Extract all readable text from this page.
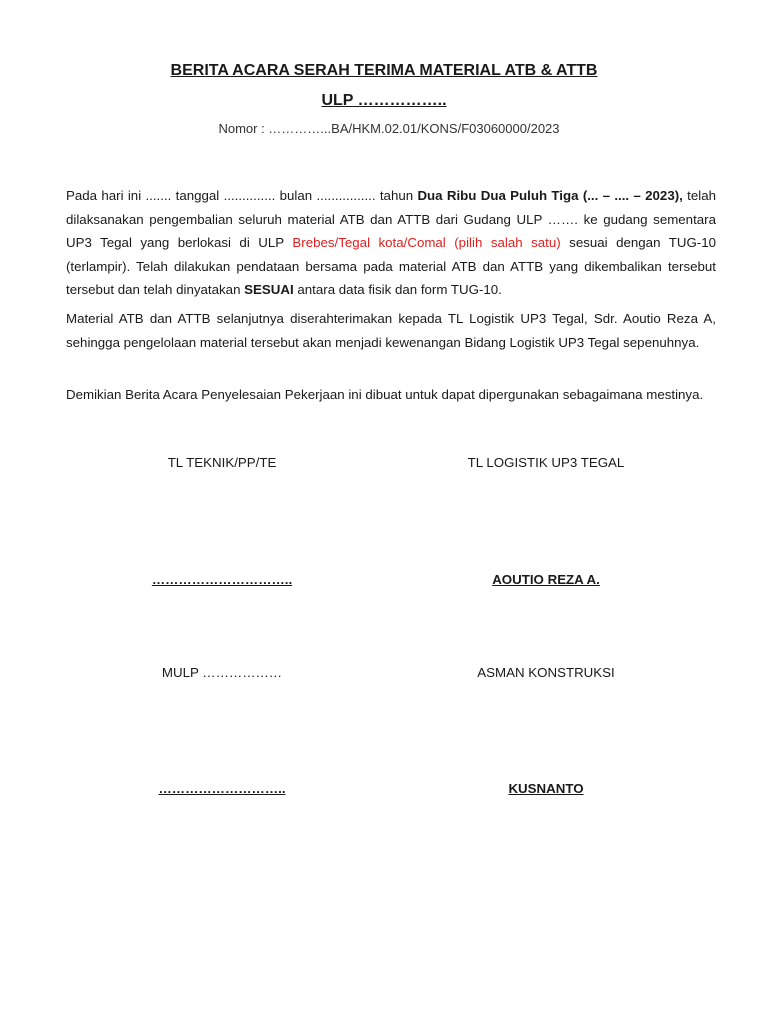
BERITA ACARA SERAH TERIMA MATERIAL ATB & ATTB
ULP ……………..
Nomor : …………...BA/HKM.02.01/KONS/F03060000/2023
Pada hari ini ....... tanggal .............. bulan ................ tahun Dua Ribu Dua Puluh Tiga (... – .... – 2023), telah dilaksanakan pengembalian seluruh material ATB dan ATTB dari Gudang ULP ……. ke gudang sementara UP3 Tegal yang berlokasi di ULP Brebes/Tegal kota/Comal (pilih salah satu) sesuai dengan TUG-10 (terlampir). Telah dilakukan pendataan bersama pada material ATB dan ATTB yang dikembalikan tersebut tersebut dan telah dinyatakan SESUAI antara data fisik dan form TUG-10.
Material ATB dan ATTB selanjutnya diserahterimakan kepada TL Logistik UP3 Tegal, Sdr. Aoutio Reza A, sehingga pengelolaan material tersebut akan menjadi kewenangan Bidang Logistik UP3 Tegal sepenuhnya.
Demikian Berita Acara Penyelesaian Pekerjaan ini dibuat untuk dapat dipergunakan sebagaimana mestinya.
TL TEKNIK/PP/TE	TL LOGISTIK UP3 TEGAL
…………………………..	AOUTIO REZA A.
MULP ………………	ASMAN KONSTRUKSI
………………………..	KUSNANTO
